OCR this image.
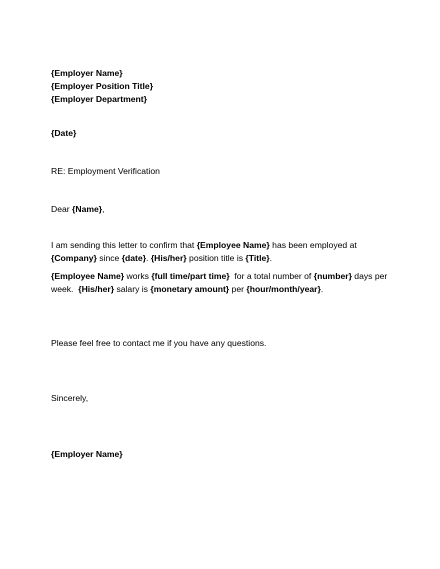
{Employer Name}
{Employer Position Title}
{Employer Department}
{Date}
RE: Employment Verification
Dear {Name},
I am sending this letter to confirm that {Employee Name} has been employed at
{Company} since {date}. {His/her} position title is {Title}.
{Employee Name} works {full time/part time}  for a total number of {number} days per
week.  {His/her} salary is {monetary amount} per {hour/month/year}.
Please feel free to contact me if you have any questions.
Sincerely,
{Employer Name}
